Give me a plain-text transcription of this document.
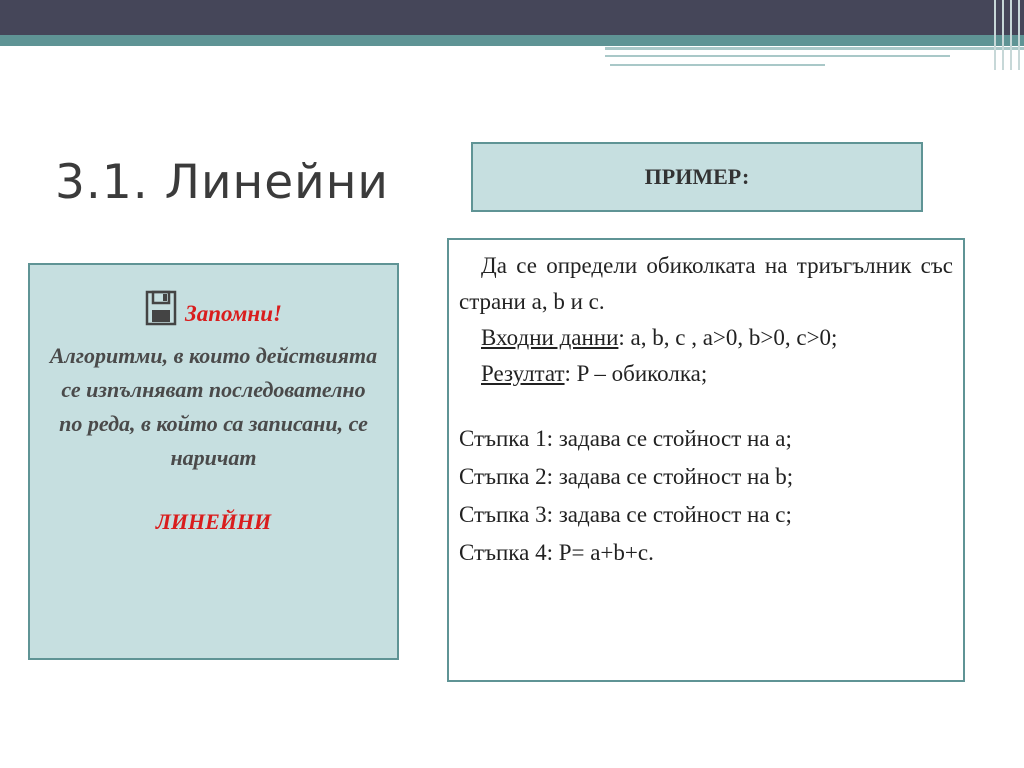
3.1. Линейни	ПРИМЕР:
Запомни!
Алгоритми, в които действията се изпълняват последователно по реда, в който са записани, се наричат
ЛИНЕЙНИ

Да се определи обиколката на триъгълник със страни a, b и c.

Входни данни: a, b, c , a>0, b>0, c>0;

Резултат: P – обиколка;

Стъпка 1: задава се стойност на a;

Стъпка 2: задава се стойност на b;

Стъпка 3: задава се стойност на c;

Стъпка 4: P= a+b+c.
